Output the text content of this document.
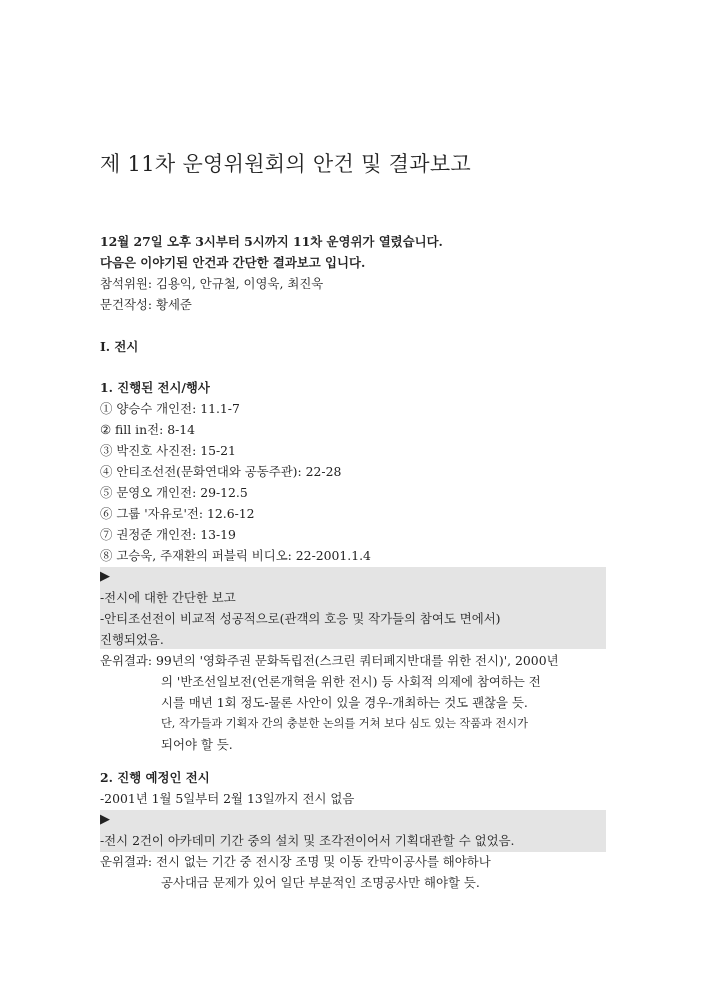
제 11차 운영위원회의 안건 및 결과보고
12월 27일 오후 3시부터 5시까지 11차 운영위가 열렸습니다.
다음은 이야기된 안건과 간단한 결과보고 입니다.
참석위원: 김용익, 안규철, 이영욱, 최진욱
문건작성: 황세준
I. 전시
1. 진행된 전시/행사
① 양승수 개인전: 11.1-7
② fill in전: 8-14
③ 박진호 사진전: 15-21
④ 안티조선전(문화연대와 공동주관): 22-28
⑤ 문영오 개인전: 29-12.5
⑥ 그룹 '자유로'전: 12.6-12
⑦ 권정준 개인전: 13-19
⑧ 고승욱, 주재환의 퍼블릭 비디오: 22-2001.1.4
▶
-전시에 대한 간단한 보고
-안티조선전이 비교적 성공적으로(관객의 호응 및 작가들의 참여도 면에서)
진행되었음.
운위결과: 99년의 '영화주권 문화독립전(스크린 쿼터폐지반대를 위한 전시)', 2000년
의 '반조선일보전(언론개혁을 위한 전시) 등 사회적 의제에 참여하는 전
시를 매년 1회 정도-물론 사안이 있을 경우-개최하는 것도 괜찮을 듯.
단, 작가들과 기획자 간의 충분한 논의를 거쳐 보다 심도 있는 작품과 전시가
되어야 할 듯.
2. 진행 예정인 전시
-2001년 1월 5일부터 2월 13일까지 전시 없음
▶
-전시 2건이 아카데미 기간 중의 설치 및 조각전이어서 기획대관할 수 없었음.
운위결과: 전시 없는 기간 중 전시장 조명 및 이동 칸막이공사를 해야하나
공사대금 문제가 있어 일단 부분적인 조명공사만 해야할 듯.
